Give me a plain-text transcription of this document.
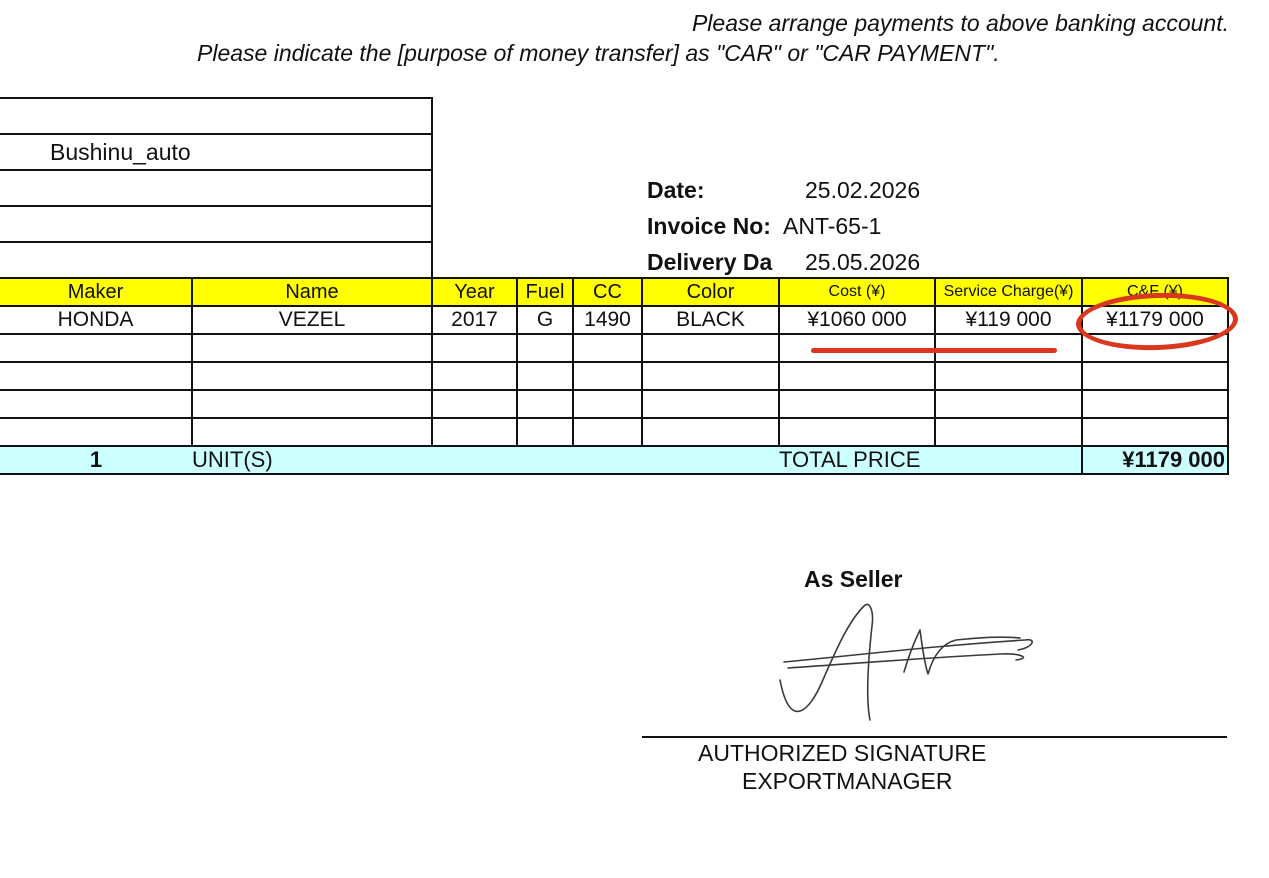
Please arrange payments to above banking account.
Please indicate the [purpose of money transfer] as "CAR" or "CAR PAYMENT".
Bushinu_auto
Date:	25.02.2026
Invoice No: ANT-65-1
Delivery Da 25.05.2026
Maker	Name	Year	Fuel	CC	Color	Cost (¥)	Service Charge(¥)	C&F (¥)
HONDA	VEZEL	2017	G	1490	BLACK	¥1060 000	¥119 000	¥1179 000

1	UNIT(S)					TOTAL PRICE		¥1179 000
As Seller
AUTHORIZED SIGNATURE
EXPORTMANAGER
